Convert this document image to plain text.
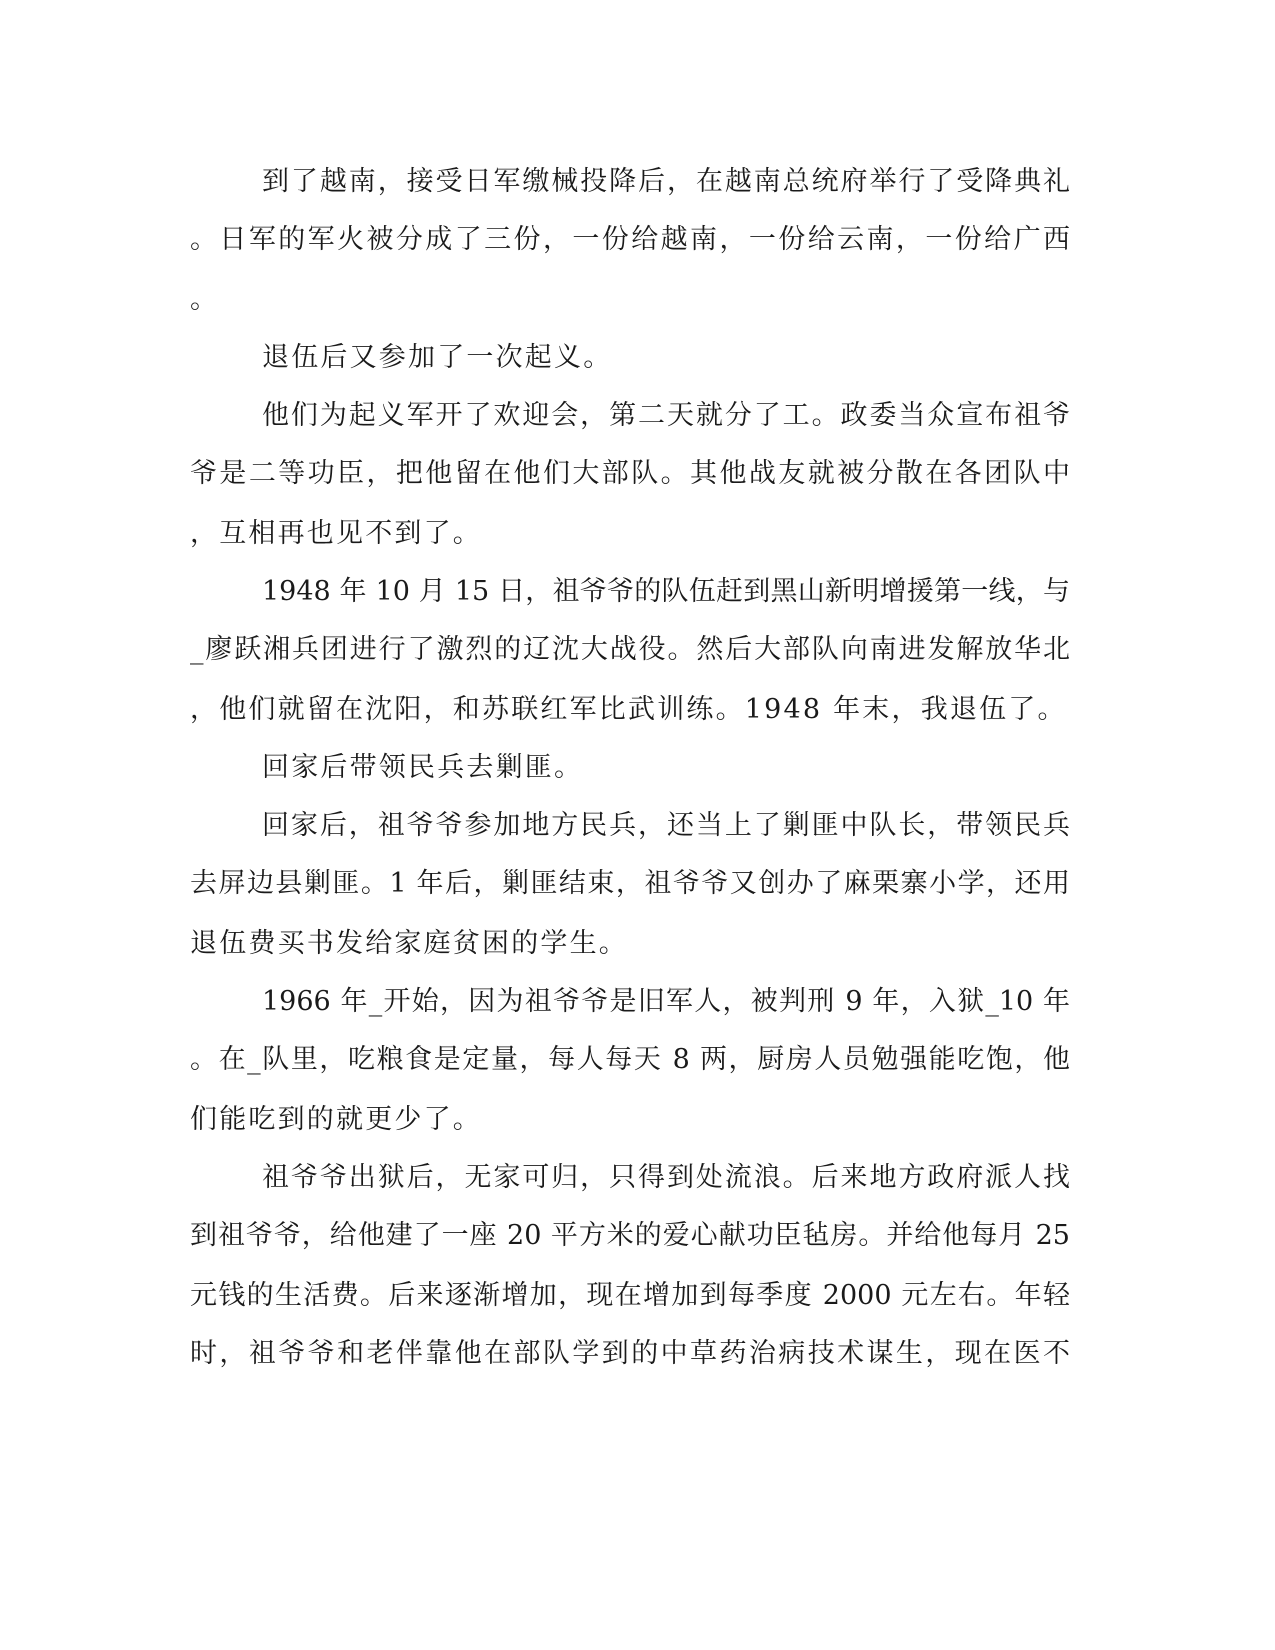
到了越南，接受日军缴械投降后，在越南总统府举行了受降典礼
。日军的军火被分成了三份，一份给越南，一份给云南，一份给广西
。
退伍后又参加了一次起义。
他们为起义军开了欢迎会，第二天就分了工。政委当众宣布祖爷
爷是二等功臣，把他留在他们大部队。其他战友就被分散在各团队中
，互相再也见不到了。
1948 年 10 月 15 日，祖爷爷的队伍赶到黑山新明增援第一线，与
_廖跃湘兵团进行了激烈的辽沈大战役。然后大部队向南进发解放华北
，他们就留在沈阳，和苏联红军比武训练。1948 年末，我退伍了。
回家后带领民兵去剿匪。
回家后，祖爷爷参加地方民兵，还当上了剿匪中队长，带领民兵
去屏边县剿匪。1 年后，剿匪结束，祖爷爷又创办了麻栗寨小学，还用
退伍费买书发给家庭贫困的学生。
1966 年_开始，因为祖爷爷是旧军人，被判刑 9 年，入狱_10 年
。在_队里，吃粮食是定量，每人每天 8 两，厨房人员勉强能吃饱，他
们能吃到的就更少了。
祖爷爷出狱后，无家可归，只得到处流浪。后来地方政府派人找
到祖爷爷，给他建了一座 20 平方米的爱心献功臣毡房。并给他每月 25
元钱的生活费。后来逐渐增加，现在增加到每季度 2000 元左右。年轻
时，祖爷爷和老伴靠他在部队学到的中草药治病技术谋生，现在医不
